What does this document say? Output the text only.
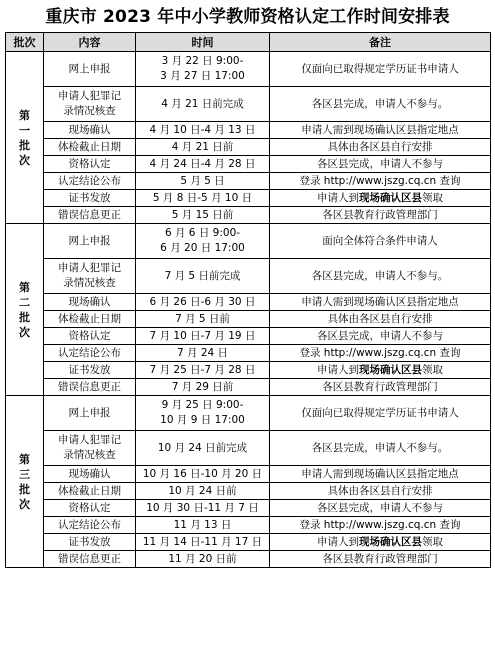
重庆市 2023 年中小学教师资格认定工作时间安排表
批次	内容	时间	备注

第
一
批
次	网上申报	3 月 22 日 9:00-
3 月 27 日 17:00	仅面向已取得规定学历证书申请人

	申请人犯罪记
录情况核查	4 月 21 日前完成	各区县完成，申请人不参与。
	现场确认	4 月 10 日-4 月 13 日	申请人需到现场确认区县指定地点
	体检截止日期	4 月 21 日前	具体由各区县自行安排
	资格认定	4 月 24 日-4 月 28 日	各区县完成，申请人不参与
	认定结论公布	5 月 5 日	登录 http://www.jszg.cq.cn 查询
	证书发放	5 月 8 日-5 月 10 日	申请人到现场确认区县领取
	错误信息更正	5 月 15 日前	各区县教育行政管理部门

第
二
批
次	网上申报	6 月 6 日 9:00-
6 月 20 日 17:00	面向全体符合条件申请人

	申请人犯罪记
录情况核查	7 月 5 日前完成	各区县完成，申请人不参与。
	现场确认	6 月 26 日-6 月 30 日	申请人需到现场确认区县指定地点
	体检截止日期	7 月 5 日前	具体由各区县自行安排
	资格认定	7 月 10 日-7 月 19 日	各区县完成，申请人不参与
	认定结论公布	7 月 24 日	登录 http://www.jszg.cq.cn 查询
	证书发放	7 月 25 日-7 月 28 日	申请人到现场确认区县领取
	错误信息更正	7 月 29 日前	各区县教育行政管理部门

第
三
批
次	网上申报	9 月 25 日 9:00-
10 月 9 日 17:00	仅面向已取得规定学历证书申请人

	申请人犯罪记
录情况核查	10 月 24 日前完成	各区县完成，申请人不参与。
	现场确认	10 月 16 日-10 月 20 日	申请人需到现场确认区县指定地点
	体检截止日期	10 月 24 日前	具体由各区县自行安排
	资格认定	10 月 30 日-11 月 7 日	各区县完成，申请人不参与
	认定结论公布	11 月 13 日	登录 http://www.jszg.cq.cn 查询
	证书发放	11 月 14 日-11 月 17 日	申请人到现场确认区县领取
	错误信息更正	11 月 20 日前	各区县教育行政管理部门
